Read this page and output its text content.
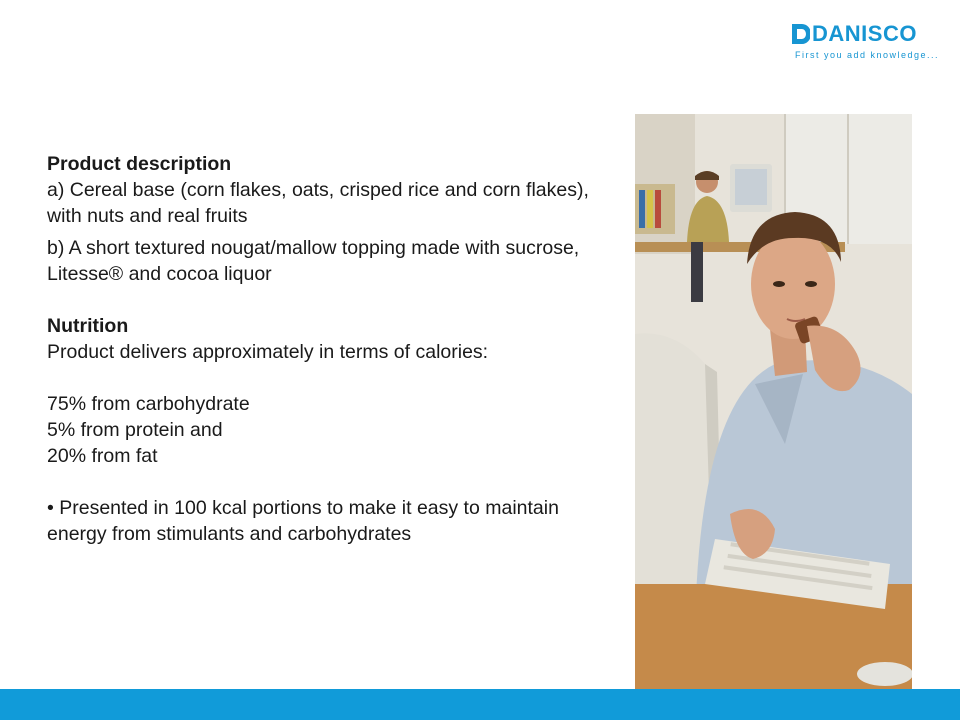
DANISCO
First you add knowledge...

Product description

a) Cereal base (corn flakes, oats, crisped rice and corn flakes), with nuts and real fruits

b) A short textured nougat/mallow topping made with sucrose, Litesse® and cocoa liquor

Nutrition

Product delivers approximately in terms of calories:

75% from carbohydrate

5% from protein and

20% from fat

• Presented in 100 kcal portions to make it easy to maintain energy from stimulants and carbohydrates
